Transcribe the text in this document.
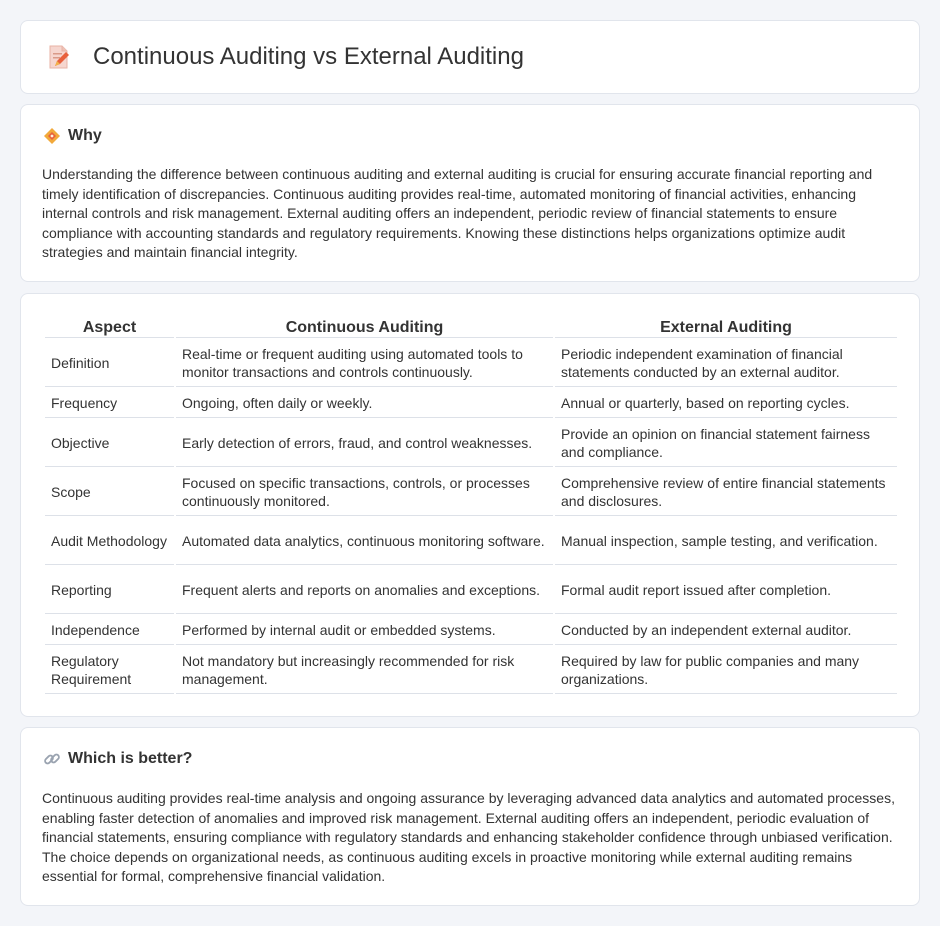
Continuous Auditing vs External Auditing
Why

Understanding the difference between continuous auditing and external auditing is crucial for ensuring accurate financial reporting and timely identification of discrepancies. Continuous auditing provides real-time, automated monitoring of financial activities, enhancing internal controls and risk management. External auditing offers an independent, periodic review of financial statements to ensure compliance with accounting standards and regulatory requirements. Knowing these distinctions helps organizations optimize audit strategies and maintain financial integrity.

Aspect	Continuous Auditing	External Auditing
Definition	Real-time or frequent auditing using automated tools to monitor transactions and controls continuously.	Periodic independent examination of financial statements conducted by an external auditor.
Frequency	Ongoing, often daily or weekly.	Annual or quarterly, based on reporting cycles.
Objective	Early detection of errors, fraud, and control weaknesses.	Provide an opinion on financial statement fairness and compliance.
Scope	Focused on specific transactions, controls, or processes continuously monitored.	Comprehensive review of entire financial statements and disclosures.
Audit Methodology	Automated data analytics, continuous monitoring software.	Manual inspection, sample testing, and verification.
Reporting	Frequent alerts and reports on anomalies and exceptions.	Formal audit report issued after completion.
Independence	Performed by internal audit or embedded systems.	Conducted by an independent external auditor.
Regulatory Requirement	Not mandatory but increasingly recommended for risk management.	Required by law for public companies and many organizations.
Which is better?

Continuous auditing provides real-time analysis and ongoing assurance by leveraging advanced data analytics and automated processes, enabling faster detection of anomalies and improved risk management. External auditing offers an independent, periodic evaluation of financial statements, ensuring compliance with regulatory standards and enhancing stakeholder confidence through unbiased verification. The choice depends on organizational needs, as continuous auditing excels in proactive monitoring while external auditing remains essential for formal, comprehensive financial validation.
